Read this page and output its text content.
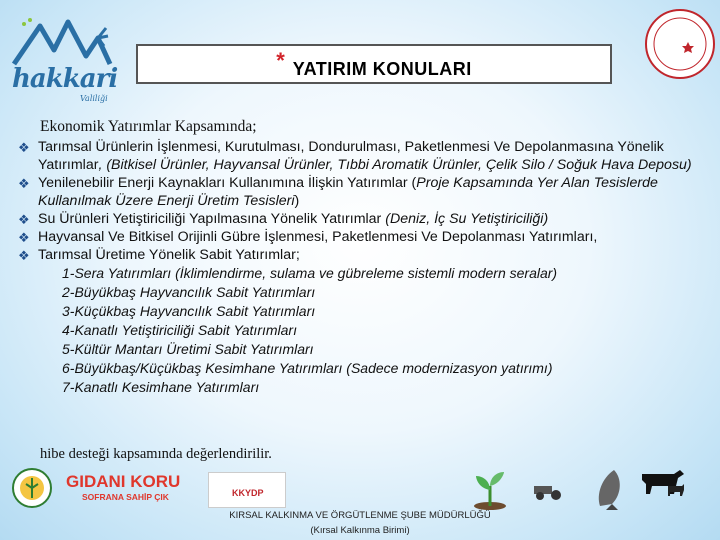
hakkari
Valiliği
* YATIRIM KONULARI
Ekonomik Yatırımlar Kapsamında;
❖ Tarımsal Ürünlerin İşlenmesi, Kurutulması, Dondurulması, Paketlenmesi Ve Depolanmasına Yönelik Yatırımlar, (Bitkisel Ürünler, Hayvansal Ürünler, Tıbbi Aromatik Ürünler, Çelik Silo / Soğuk Hava Deposu)
❖ Yenilenebilir Enerji Kaynakları Kullanımına İlişkin Yatırımlar (Proje Kapsamında Yer Alan Tesislerde Kullanılmak Üzere Enerji Üretim Tesisleri)
❖ Su Ürünleri Yetiştiriciliği Yapılmasına Yönelik Yatırımlar (Deniz, İç Su Yetiştiriciliği)
❖ Hayvansal Ve Bitkisel Orijinli Gübre İşlenmesi, Paketlenmesi Ve Depolanması Yatırımları,
❖ Tarımsal Üretime Yönelik Sabit Yatırımlar;
1-Sera Yatırımları (İklimlendirme, sulama ve gübreleme sistemli modern seralar)
2-Büyükbaş Hayvancılık Sabit Yatırımları
3-Küçükbaş Hayvancılık Sabit Yatırımları
4-Kanatlı Yetiştiriciliği Sabit Yatırımları
5-Kültür Mantarı Üretimi Sabit Yatırımları
6-Büyükbaş/Küçükbaş Kesimhane Yatırımları (Sadece modernizasyon yatırımı)
7-Kanatlı Kesimhane Yatırımları
hibe desteği kapsamında değerlendirilir.
GIDANI KORU
SOFRANA SAHİP ÇIK	KKYDP
KIRSAL KALKINMA VE ÖRGÜTLENME ŞUBE MÜDÜRLÜĞÜ
(Kırsal Kalkınma Birimi)
